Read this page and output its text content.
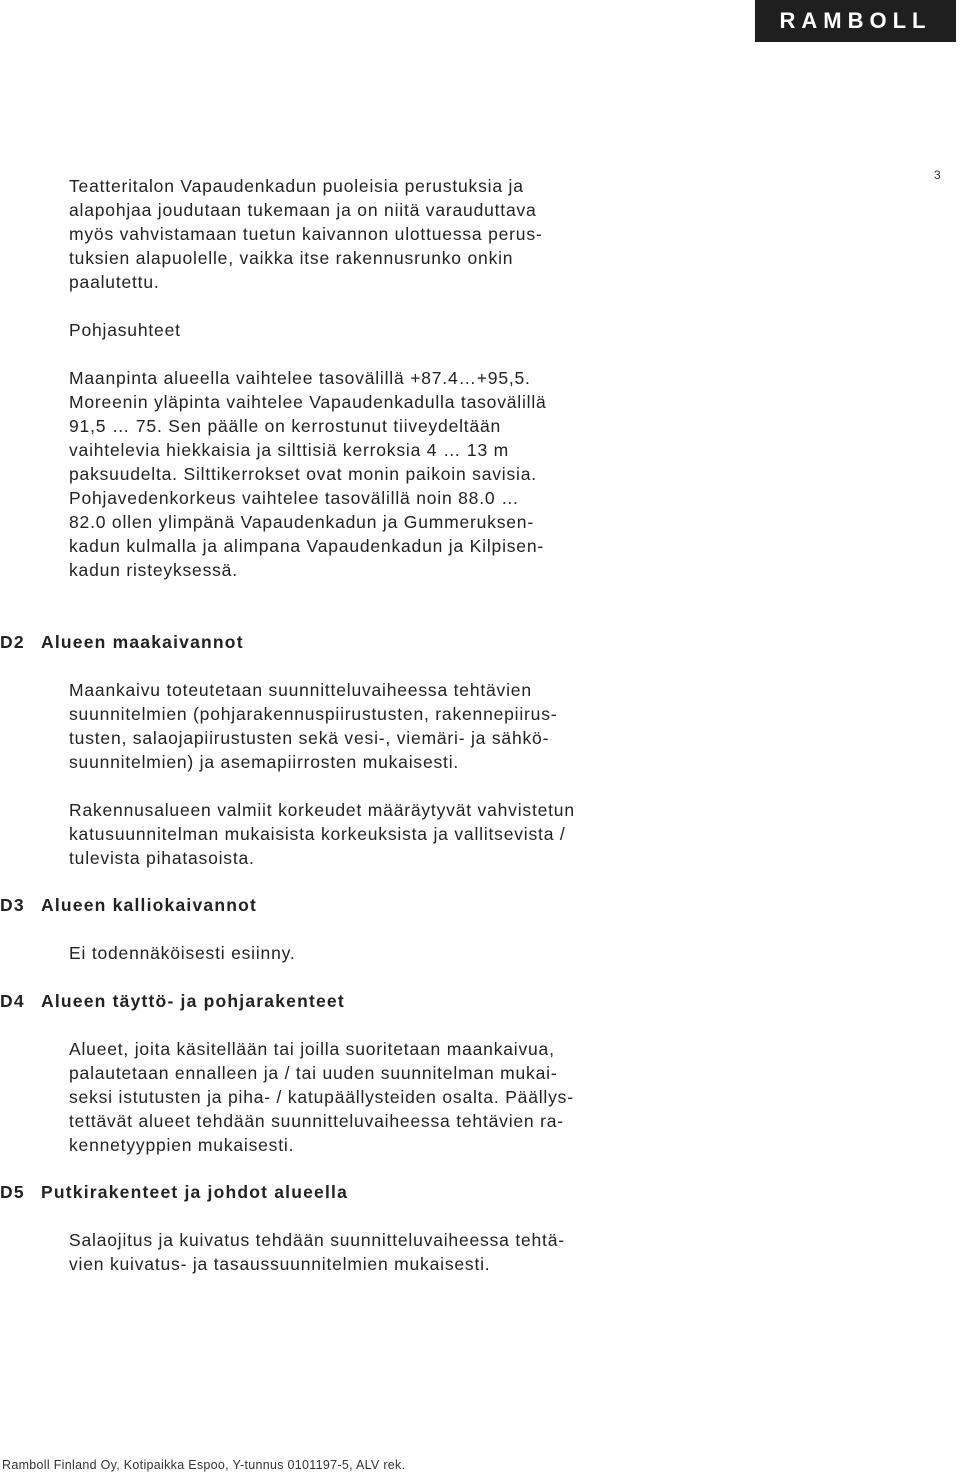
RAMBOLL
3

Teatteritalon Vapaudenkadun puoleisia perustuksia ja
alapohjaa joudutaan tukemaan ja on niitä varauduttava
myös vahvistamaan tuetun kaivannon ulottuessa perus-
tuksien alapuolelle, vaikka itse rakennusrunko onkin
paalutettu.

Pohjasuhteet

Maanpinta alueella vaihtelee tasovälillä +87.4…+95,5.
Moreenin yläpinta vaihtelee Vapaudenkadulla tasovälillä
91,5 … 75. Sen päälle on kerrostunut tiiveydeltään
vaihtelevia hiekkaisia ja silttisiä kerroksia 4 … 13 m
paksuudelta. Silttikerrokset ovat monin paikoin savisia.
Pohjavedenkorkeus vaihtelee tasovälillä noin 88.0 …
82.0 ollen ylimpänä Vapaudenkadun ja Gummeruksen-
kadun kulmalla ja alimpana Vapaudenkadun ja Kilpisen-
kadun risteyksessä.

D2 Alueen maakaivannot

Maankaivu toteutetaan suunnitteluvaiheessa tehtävien
suunnitelmien (pohjarakennuspiirustusten, rakennepiirus-
tusten, salaojapiirustusten sekä vesi-, viemäri- ja sähkö-
suunnitelmien) ja asemapiirrosten mukaisesti.

Rakennusalueen valmiit korkeudet määräytyvät vahvistetun
katusuunnitelman mukaisista korkeuksista ja vallitsevista /
tulevista pihatasoista.

D3 Alueen kalliokaivannot

Ei todennäköisesti esiinny.

D4 Alueen täyttö- ja pohjarakenteet

Alueet, joita käsitellään tai joilla suoritetaan maankaivua,
palautetaan ennalleen ja / tai uuden suunnitelman mukai-
seksi istutusten ja piha- / katupäällysteiden osalta. Päällys-
tettävät alueet tehdään suunnitteluvaiheessa tehtävien ra-
kennetyyppien mukaisesti.

D5 Putkirakenteet ja johdot alueella

Salaojitus ja kuivatus tehdään suunnitteluvaiheessa tehtä-
vien kuivatus- ja tasaussuunnitelmien mukaisesti.

Ramboll Finland Oy, Kotipaikka Espoo, Y-tunnus 0101197-5, ALV rek.
